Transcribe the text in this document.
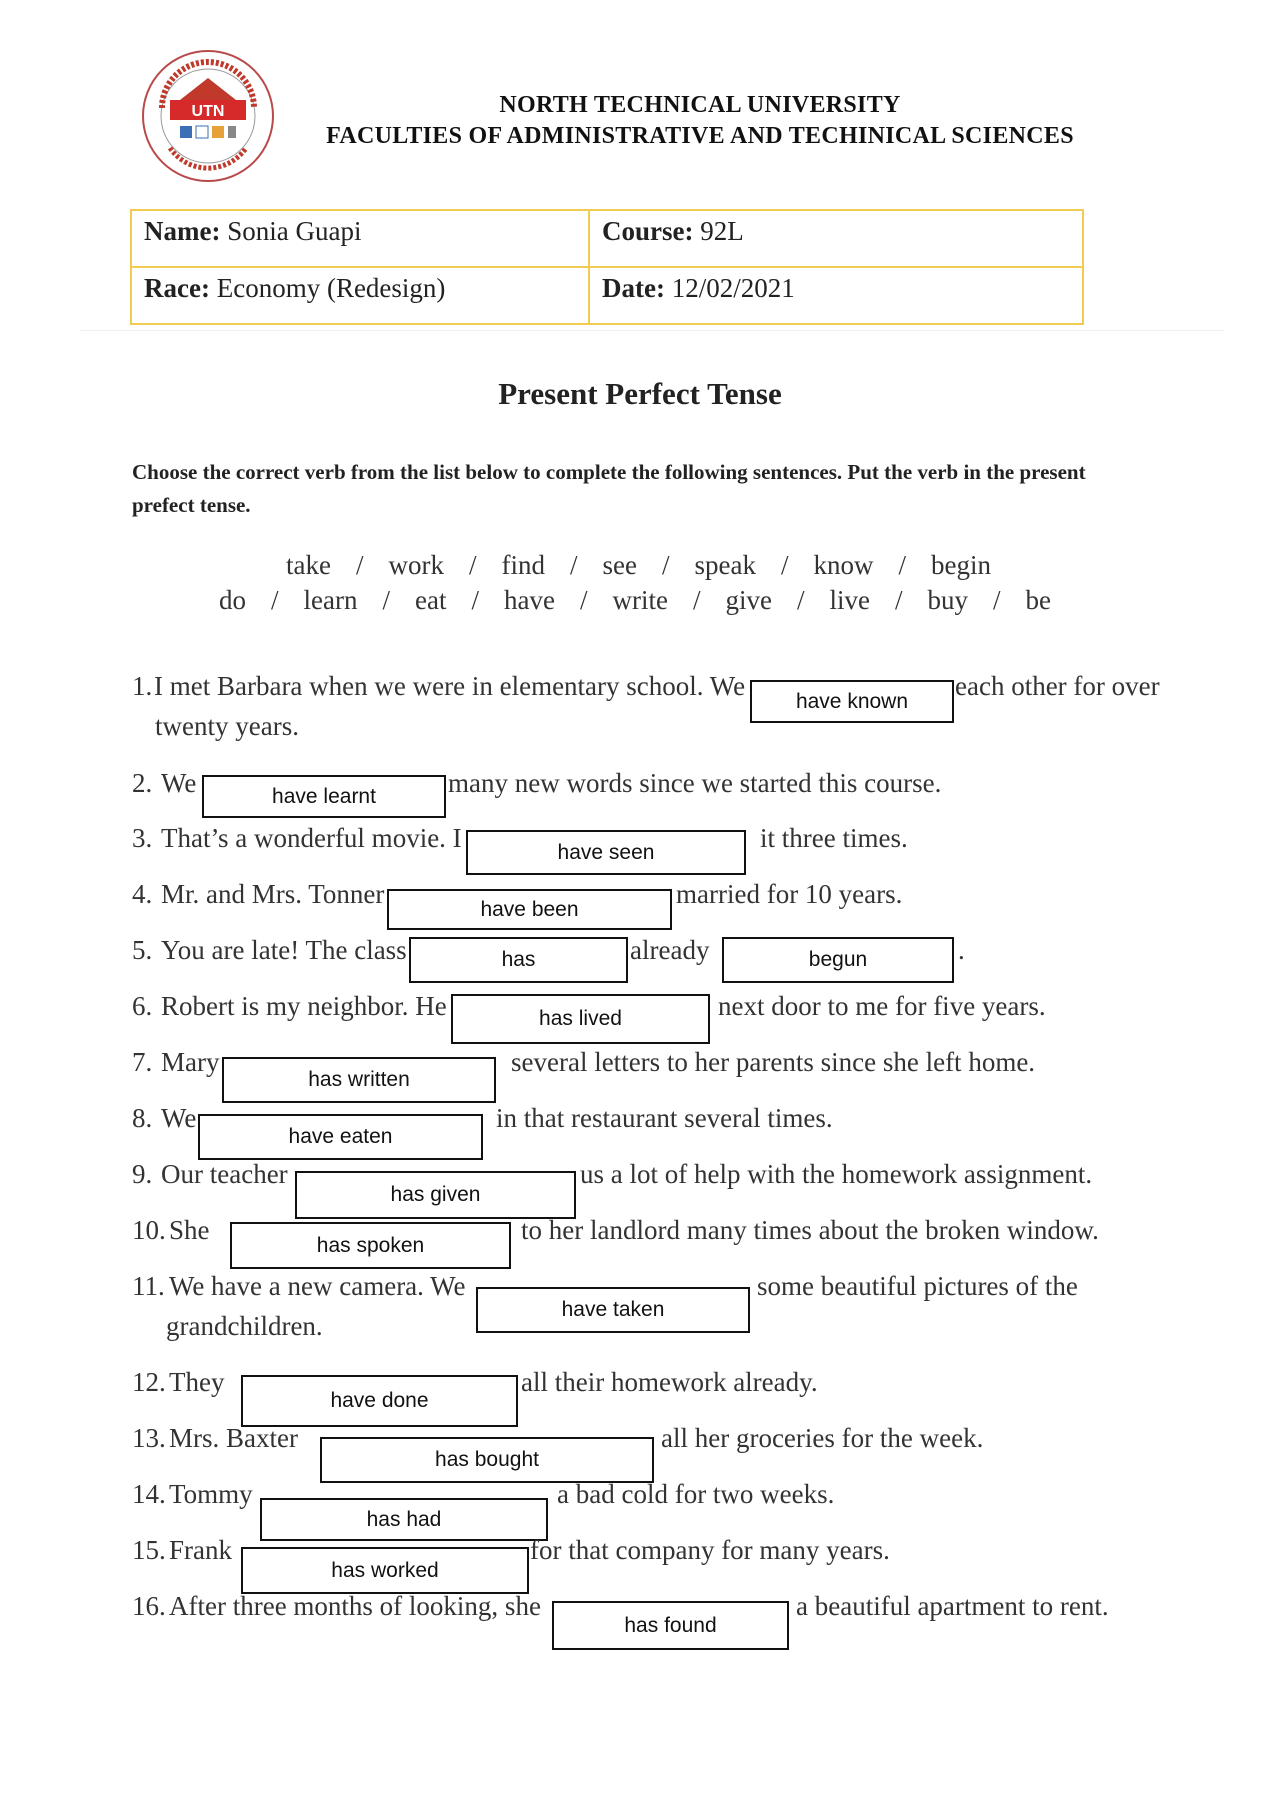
UTN	NORTH TECHNICAL UNIVERSITY
FACULTIES OF ADMINISTRATIVE AND TECHINICAL SCIENCES
Name: Sonia Guapi	Course: 92L
Race: Economy (Redesign)	Date: 12/02/2021
Present Perfect Tense
Choose the correct verb from the list below to complete the following sentences. Put the verb in the present prefect tense.
take / work / find / see / speak / know / begin
do / learn / eat / have / write / give / live / buy / be
1. I met Barbara when we were in elementary school. We
have known
each other for over
twenty years.
2. We	have learnt	many new words since we started this course.
3. That’s a wonderful movie. I	have seen	it three times.
4. Mr. and Mrs. Tonner
have been
married for 10 years.
5. You are late! The class	has	already	begun	.
6. Robert is my neighbor. He	has lived	next door to me for five years.
7. Mary
has written
several letters to her parents since she left home.
8. We
have eaten
in that restaurant several times.
9. Our teacher
has given
us a lot of help with the homework assignment.
10. She
has spoken
to her landlord many times about the broken window.
11. We have a new camera. We
have taken
some beautiful pictures of the
grandchildren.
12. They
have done
all their homework already.
13. Mrs. Baxter
has bought
all her groceries for the week.
14. Tommy
has had
a bad cold for two weeks.
15. Frank
has worked
for that company for many years.
16. After three months of looking, she
has found
a beautiful apartment to rent.
